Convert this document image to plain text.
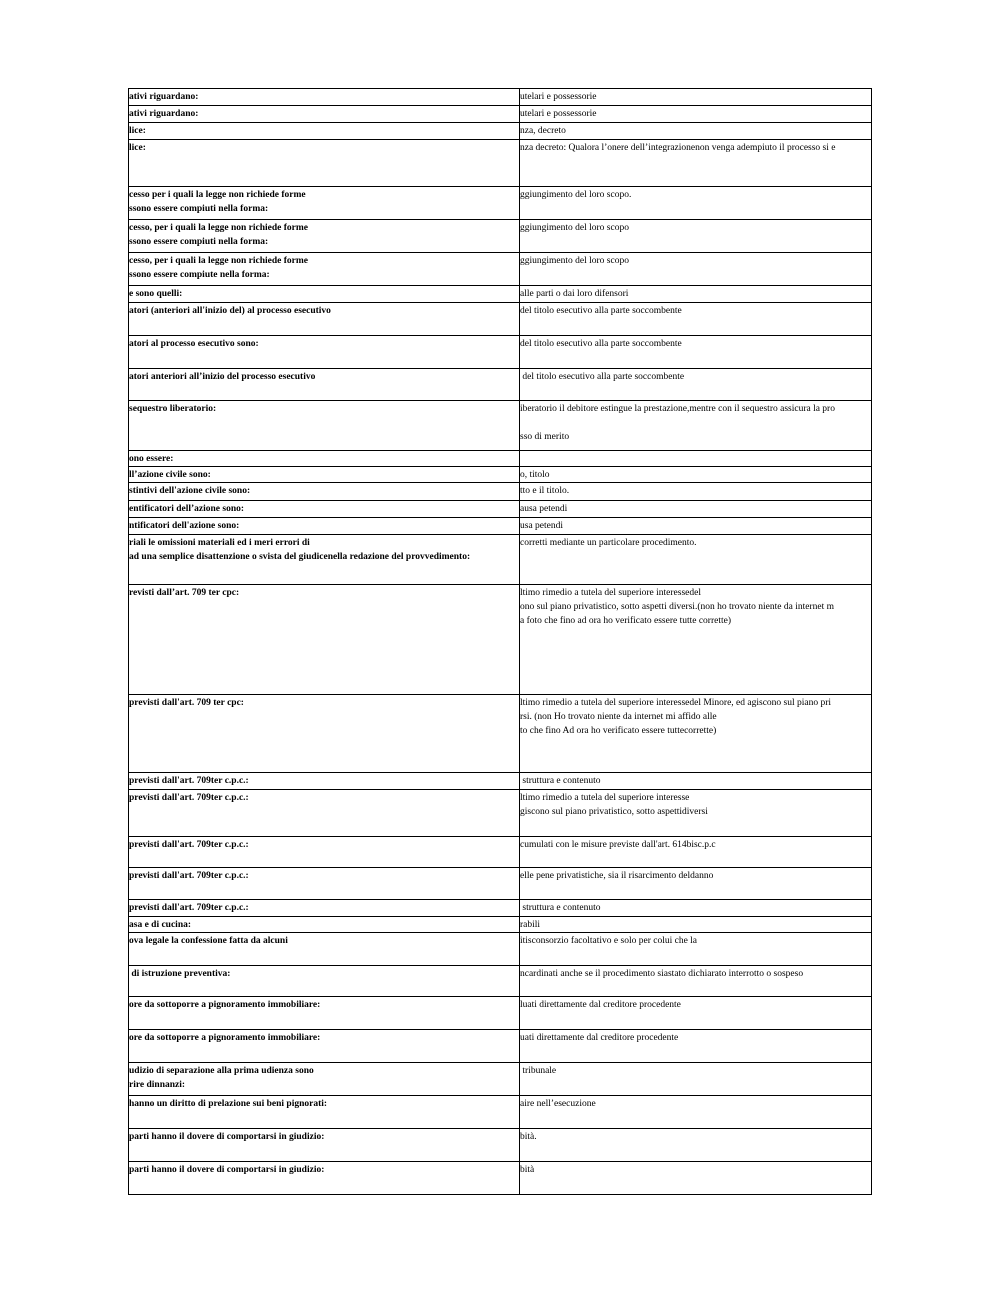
ativi riguardano:	utelari e possessorie
ativi riguardano:	utelari e possessorie
lice:	nza, decreto
lice:	nza decreto: Qualora l’onere dell’integrazionenon venga adempiuto il processo si e
cesso per i quali la legge non richiede forme
ssono essere compiuti nella forma:	ggiungimento del loro scopo.
cesso, per i quali la legge non richiede forme
ssono essere compiuti nella forma:	ggiungimento del loro scopo
cesso, per i quali la legge non richiede forme
ssono essere compiute nella forma:	ggiungimento del loro scopo
e sono quelli:	alle parti o dai loro difensori
atori (anteriori all'inizio del) al processo esecutivo	del titolo esecutivo alla parte soccombente
atori al processo esecutivo sono:	del titolo esecutivo alla parte soccombente
atori anteriori all’inizio del processo esecutivo	del titolo esecutivo alla parte soccombente
sequestro liberatorio:	iberatorio il debitore estingue la prestazione,mentre con il sequestro assicura la pro

sso di merito
ono essere:	
ll’azione civile sono:	o, titolo
stintivi dell'azione civile sono:	tto e il titolo.
entificatori dell’azione sono:	ausa petendi
ntificatori dell'azione sono:	usa petendi
riali le omissioni materiali ed i meri errori di
ad una semplice disattenzione o svista del giudicenella redazione del provvedimento:	corretti mediante un particolare procedimento.
revisti dall’art. 709 ter cpc:	ltimo rimedio a tutela del superiore interessedel
ono sul piano privatistico, sotto aspetti diversi.(non ho trovato niente da internet m
a foto che fino ad ora ho verificato essere tutte corrette)
previsti dall'art. 709 ter cpc:	ltimo rimedio a tutela del superiore interessedel Minore, ed agiscono sul piano pri
rsi. (non Ho trovato niente da internet mi affido alle
to che fino Ad ora ho verificato essere tuttecorrette)
previsti dall'art. 709ter c.p.c.:	struttura e contenuto
previsti dall'art. 709ter c.p.c.:	ltimo rimedio a tutela del superiore interesse
giscono sul piano privatistico, sotto aspettidiversi
previsti dall'art. 709ter c.p.c.:	cumulati con le misure previste dall'art. 614bisc.p.c
previsti dall'art. 709ter c.p.c.:	elle pene privatistiche, sia il risarcimento deldanno
previsti dall'art. 709ter c.p.c.:	struttura e contenuto
asa e di cucina:	rabili
ova legale la confessione fatta da alcuni	itisconsorzio facoltativo e solo per colui che la
di istruzione preventiva:	ncardinati anche se il procedimento siastato dichiarato interrotto o sospeso
ore da sottoporre a pignoramento immobiliare:	luati direttamente dal creditore procedente
ore da sottoporre a pignoramento immobiliare:	uati direttamente dal creditore procedente
udizio di separazione alla prima udienza sono
rire dinnanzi:	tribunale
hanno un diritto di prelazione sui beni pignorati:	aire nell’esecuzione
parti hanno il dovere di comportarsi in giudizio:	bità.
parti hanno il dovere di comportarsi in giudizio:	bità
